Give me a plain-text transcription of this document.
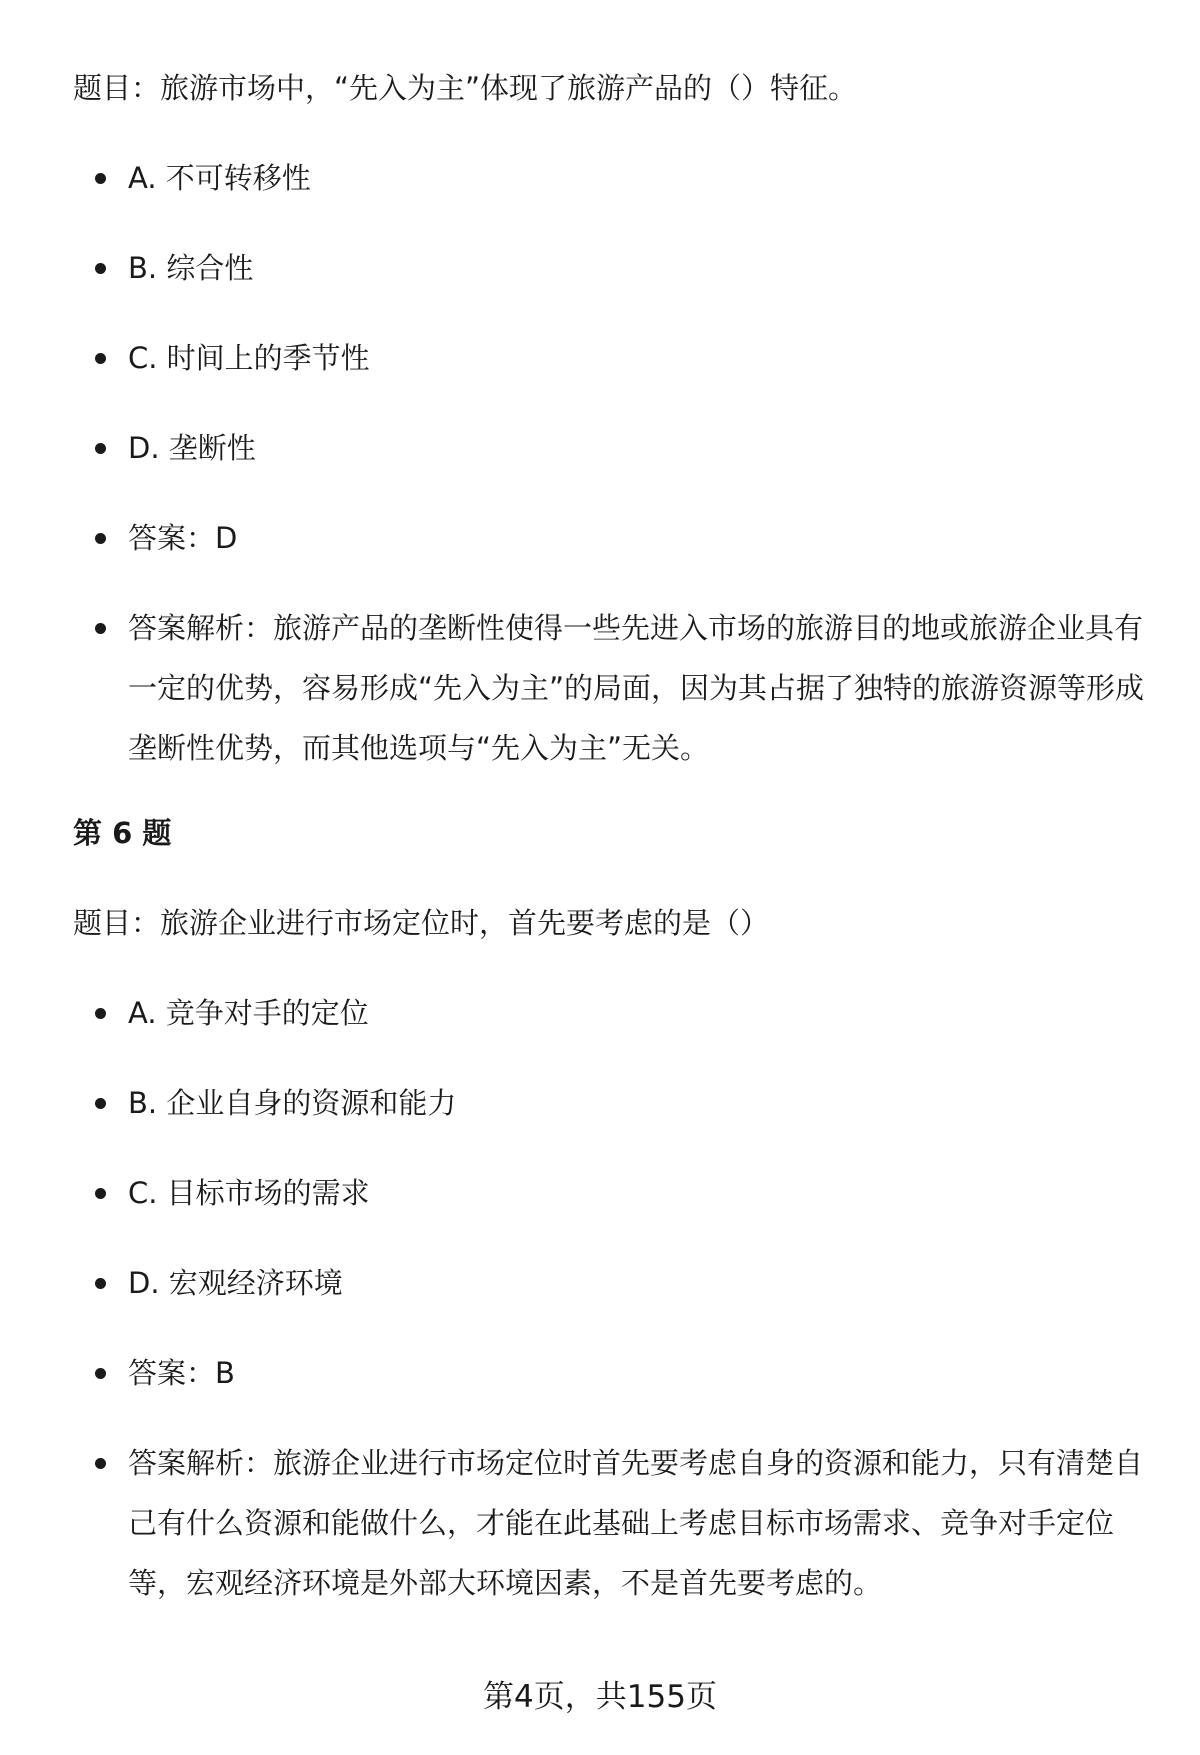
题目：旅游市场中，“先入为主”体现了旅游产品的（）特征。
A. 不可转移性
B. 综合性
C. 时间上的季节性
D. 垄断性
答案：D
答案解析：旅游产品的垄断性使得一些先进入市场的旅游目的地或旅游企业具有一定的优势，容易形成“先入为主”的局面，因为其占据了独特的旅游资源等形成垄断性优势，而其他选项与“先入为主”无关。
第 6 题
题目：旅游企业进行市场定位时，首先要考虑的是（）
A. 竞争对手的定位
B. 企业自身的资源和能力
C. 目标市场的需求
D. 宏观经济环境
答案：B
答案解析：旅游企业进行市场定位时首先要考虑自身的资源和能力，只有清楚自己有什么资源和能做什么，才能在此基础上考虑目标市场需求、竞争对手定位等，宏观经济环境是外部大环境因素，不是首先要考虑的。
第4页，共155页
